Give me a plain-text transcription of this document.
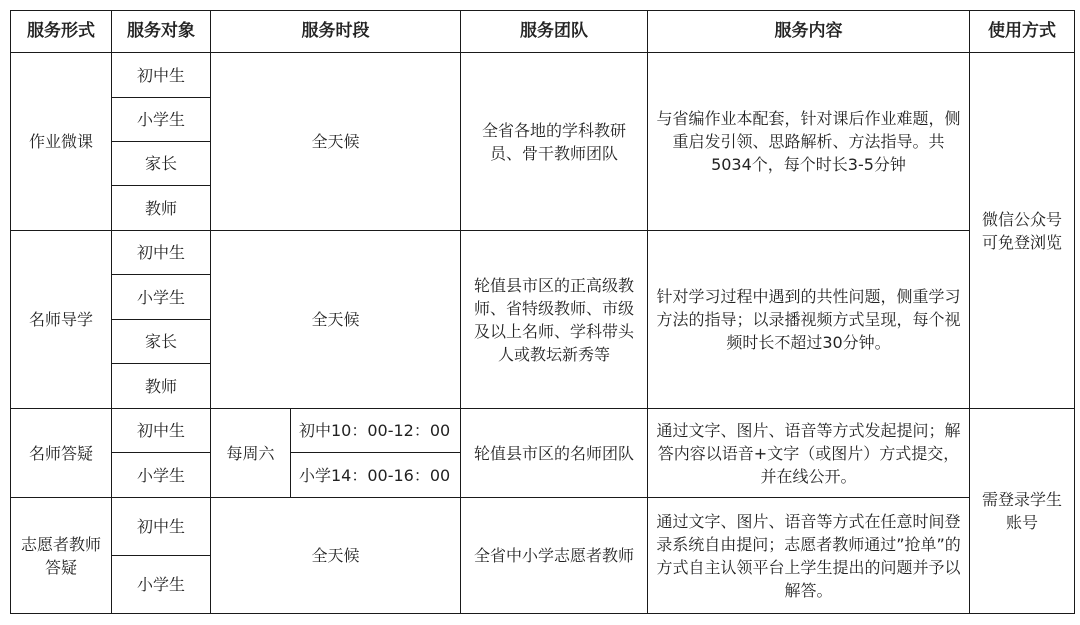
服务形式	服务对象	服务时段		服务团队	服务内容	使用方式
作业微课	初中生	全天候		全省各地的学科教研员、骨干教师团队	与省编作业本配套，针对课后作业难题，侧重启发引领、思路解析、方法指导。共5034个，每个时长3-5分钟	微信公众号可免登浏览
	小学生					
	家长					
	教师					
名师导学	初中生	全天候		轮值县市区的正高级教师、省特级教师、市级及以上名师、学科带头人或教坛新秀等	针对学习过程中遇到的共性问题，侧重学习方法的指导；以录播视频方式呈现，每个视频时长不超过30分钟。	
	小学生					
	家长					
	教师					
名师答疑	初中生	每周六	初中10：00-12：00	轮值县市区的名师团队	通过文字、图片、语音等方式发起提问；解答内容以语音+文字（或图片）方式提交，并在线公开。	需登录学生账号
	小学生		小学14：00-16：00			
志愿者教师答疑	初中生	全天候		全省中小学志愿者教师	通过文字、图片、语音等方式在任意时间登录系统自由提问；志愿者教师通过”抢单”的方式自主认领平台上学生提出的问题并予以解答。	
	小学生					
